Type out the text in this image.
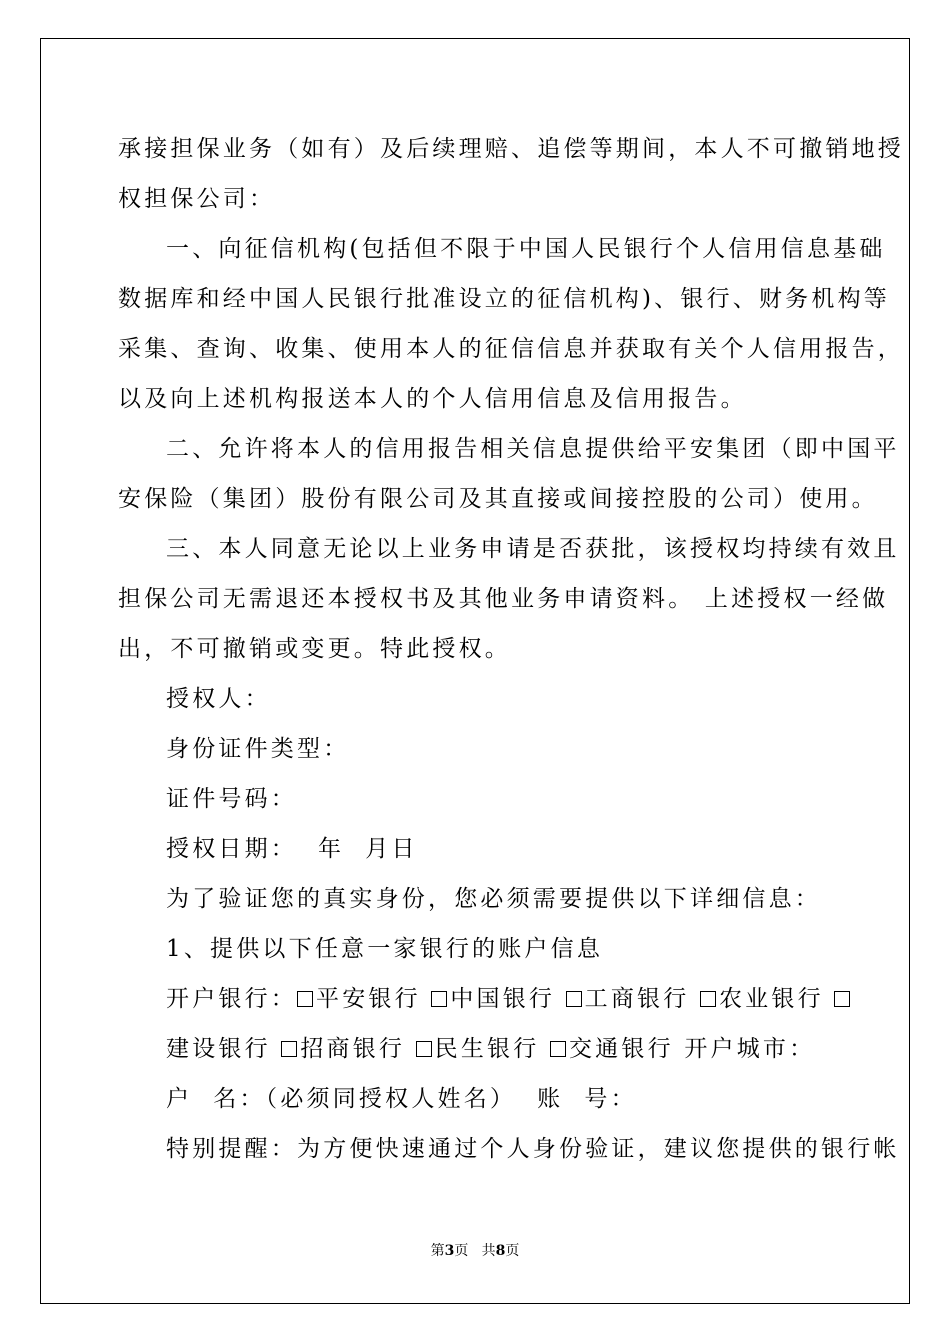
承接担保业务（如有）及后续理赔、追偿等期间，本人不可撤销地授
权担保公司：
一、向征信机构(包括但不限于中国人民银行个人信用信息基础
数据库和经中国人民银行批准设立的征信机构)、银行、财务机构等
采集、查询、收集、使用本人的征信信息并获取有关个人信用报告，
以及向上述机构报送本人的个人信用信息及信用报告。
二、允许将本人的信用报告相关信息提供给平安集团（即中国平
安保险（集团）股份有限公司及其直接或间接控股的公司）使用。
三、本人同意无论以上业务申请是否获批，该授权均持续有效且
担保公司无需退还本授权书及其他业务申请资料。 上述授权一经做
出，不可撤销或变更。特此授权。
授权人：
身份证件类型：
证件号码：
授权日期：  年  月日
为了验证您的真实身份，您必须需要提供以下详细信息：
1、提供以下任意一家银行的账户信息
开户银行： 平安银行 中国银行 工商银行 农业银行
建设银行 招商银行 民生银行 交通银行 开户城市：
户  名：（必须同授权人姓名） 账  号：
特别提醒：为方便快速通过个人身份验证，建议您提供的银行帐
第3页   共8页
